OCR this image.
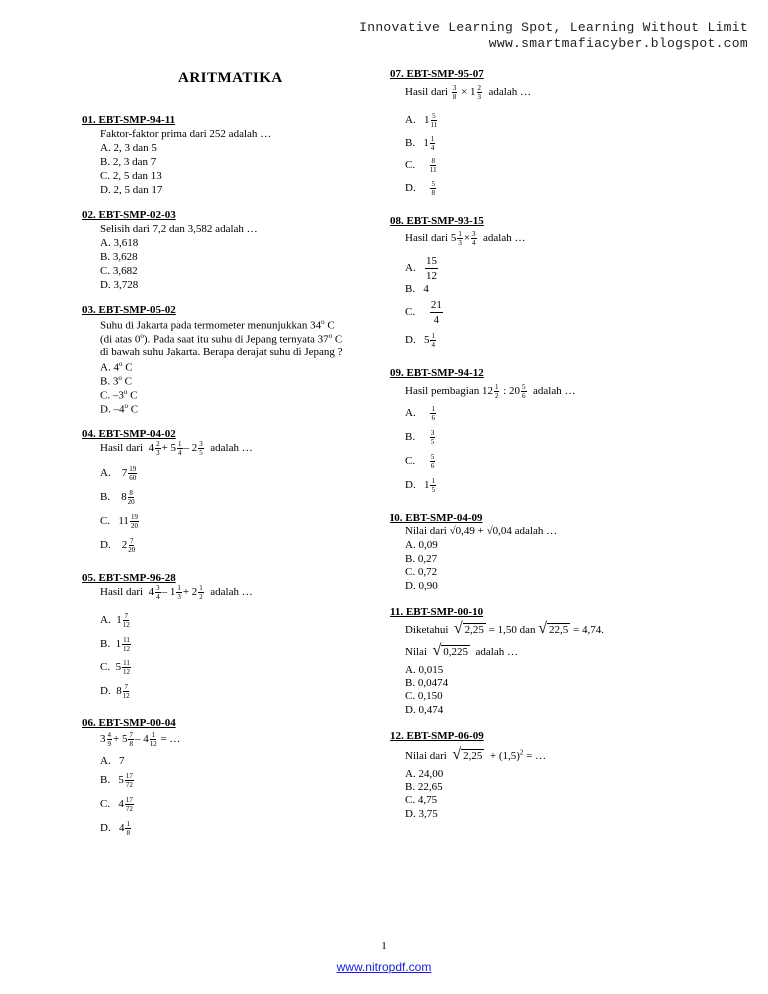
Innovative Learning Spot, Learning Without Limit
www.smartmafiacyber.blogspot.com
ARITMATIKA
01. EBT-SMP-94-11
Faktor-faktor prima dari 252 adalah …
A. 2, 3 dan 5
B. 2, 3 dan 7
C. 2, 5 dan 13
D. 2, 5 dan 17
02. EBT-SMP-02-03
Selisih dari 7,2 dan 3,582 adalah …
A. 3,618
B. 3,628
C. 3,682
D. 3,728
03. EBT-SMP-05-02
Suhu di Jakarta pada termometer menunjukkan 34$^o$ C
(di atas 0$^o$). Pada saat itu suhu di Jepang ternyata 37$^o$ C
di bawah suhu Jakarta. Berapa derajat suhu di Jepang ?
A. 4$^o$ C
B. 3$^o$ C
C. –3$^o$ C
D. –4$^o$ C
04. EBT-SMP-04-02
Hasil dari $4 \frac{2}{3} + 5 \frac{1}{4} - 2 \frac{3}{5}$ adalah …
A. $7 \frac{19}{60}$
B. $8 \frac{8}{20}$
C. $11 \frac{19}{20}$
D. $2 \frac{7}{20}$
05. EBT-SMP-96-28
Hasil dari $4 \frac{3}{4} - 1 \frac{1}{3} + 2 \frac{1}{2}$ adalah …
A. $1 \frac{7}{12}$
B. $1 \frac{11}{12}$
C. $5 \frac{11}{12}$
D. $8 \frac{7}{12}$
06. EBT-SMP-00-04
$3 \frac{4}{9} + 5 \frac{7}{8} - 4 \frac{1}{12}$ = …
A. 7
B. $5 \frac{17}{72}$
C. $4 \frac{17}{72}$
D. $4 \frac{1}{8}$
07. EBT-SMP-95-07
Hasil dari $\frac{3}{8} \times 1 \frac{2}{3}$ adalah …
A. $1 \frac{5}{11}$
B. $1 \frac{1}{4}$
C. $\frac{8}{11}$
D. $\frac{5}{8}$
08. EBT-SMP-93-15
Hasil dari $5 \frac{1}{3} \times \frac{3}{4}$ adalah …
A. $\frac{15}{12}$
B. 4
C. $\frac{21}{4}$
D. $5 \frac{1}{4}$
09. EBT-SMP-94-12
Hasil pembagian $12 \frac{1}{2}$ : $20 \frac{5}{6}$ adalah …
A. $\frac{1}{6}$
B. $\frac{3}{5}$
C. $\frac{5}{6}$
D. $1 \frac{1}{5}$
I0. EBT-SMP-04-09
Nilai dari √0,49 + √0,04 adalah …
A. 0,09
B. 0,27
C. 0,72
D. 0,90
11. EBT-SMP-00-10
Diketahui √ 2,25 = 1,50 dan √ 22,5 = 4,74.
Nilai √ 0,225 adalah …
A. 0,015
B. 0,0474
C. 0,150
D. 0,474
12. EBT-SMP-06-09
Nilai dari √ $2,25 + (1,5)^2$ = …
A. 24,00
B. 22,65
C. 4,75
D. 3,75
1
www.nitropdf.com
